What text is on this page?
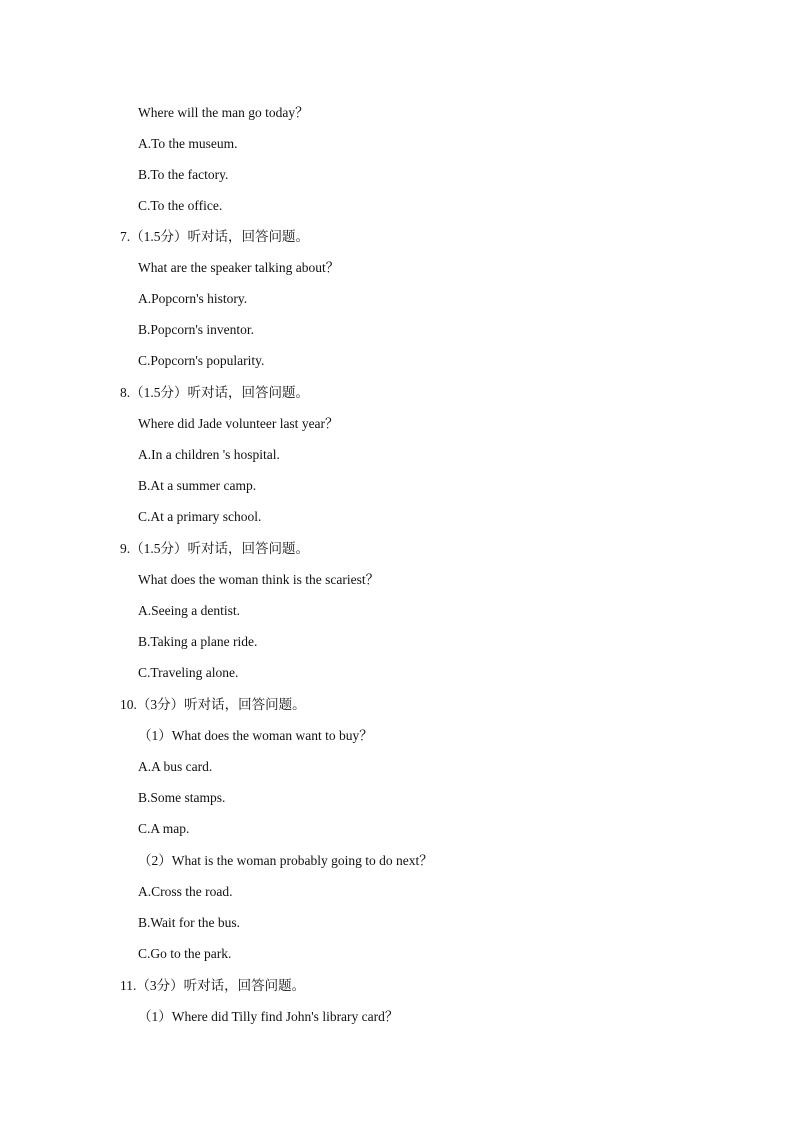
Where will the man go today？
A.To the museum.
B.To the factory.
C.To the office.
7.（1.5分）听对话，回答问题。
What are the speaker talking about？
A.Popcorn's history.
B.Popcorn's inventor.
C.Popcorn's popularity.
8.（1.5分）听对话，回答问题。
Where did Jade volunteer last year？
A.In a children 's hospital.
B.At a summer camp.
C.At a primary school.
9.（1.5分）听对话，回答问题。
What does the woman think is the scariest？
A.Seeing a dentist.
B.Taking a plane ride.
C.Traveling alone.
10.（3分）听对话，回答问题。
（1）What does the woman want to buy？
A.A bus card.
B.Some stamps.
C.A map.
（2）What is the woman probably going to do next？
A.Cross the road.
B.Wait for the bus.
C.Go to the park.
11.（3分）听对话，回答问题。
（1）Where did Tilly find John's library card？
